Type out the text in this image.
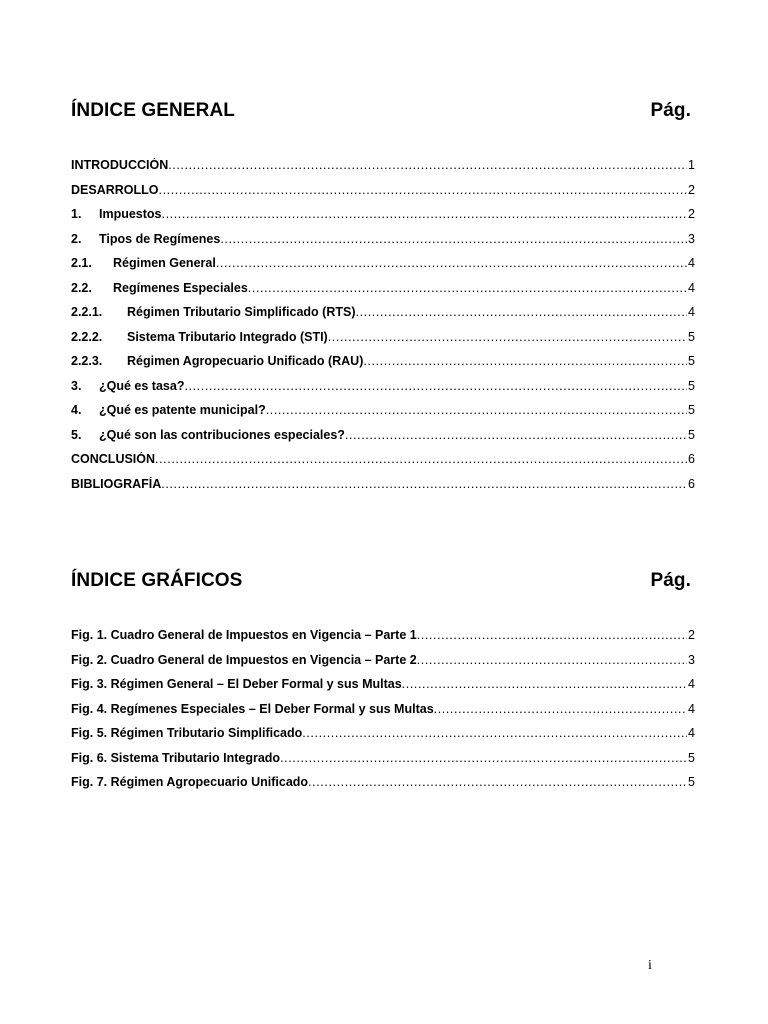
ÍNDICE GENERAL	Pág.
INTRODUCCIÓN .....	1
DESARROLLO .....	2
1.	Impuestos .....	2
2.	Tipos de Regímenes .....	3
2.1.	Régimen General .....	4
2.2.	Regímenes Especiales .....	4
2.2.1.	Régimen Tributario Simplificado (RTS) .....	4
2.2.2.	Sistema Tributario Integrado (STI) .....	5
2.2.3.	Régimen Agropecuario Unificado (RAU) .....	5
3.	¿Qué es tasa? .....	5
4.	¿Qué es patente municipal? .....	5
5.	¿Qué son las contribuciones especiales? .....	5
CONCLUSIÓN .....	6
BIBLIOGRAFÍA .....	6
ÍNDICE GRÁFICOS	Pág.
Fig. 1. Cuadro General de Impuestos en Vigencia – Parte 1 .....	2
Fig. 2. Cuadro General de Impuestos en Vigencia – Parte 2 .....	3
Fig. 3. Régimen General – El Deber Formal y sus Multas .....	4
Fig. 4. Regímenes Especiales – El Deber Formal y sus Multas .....	4
Fig. 5. Régimen Tributario Simplificado .....	4
Fig. 6. Sistema Tributario Integrado .....	5
Fig. 7. Régimen Agropecuario Unificado .....	5
i
